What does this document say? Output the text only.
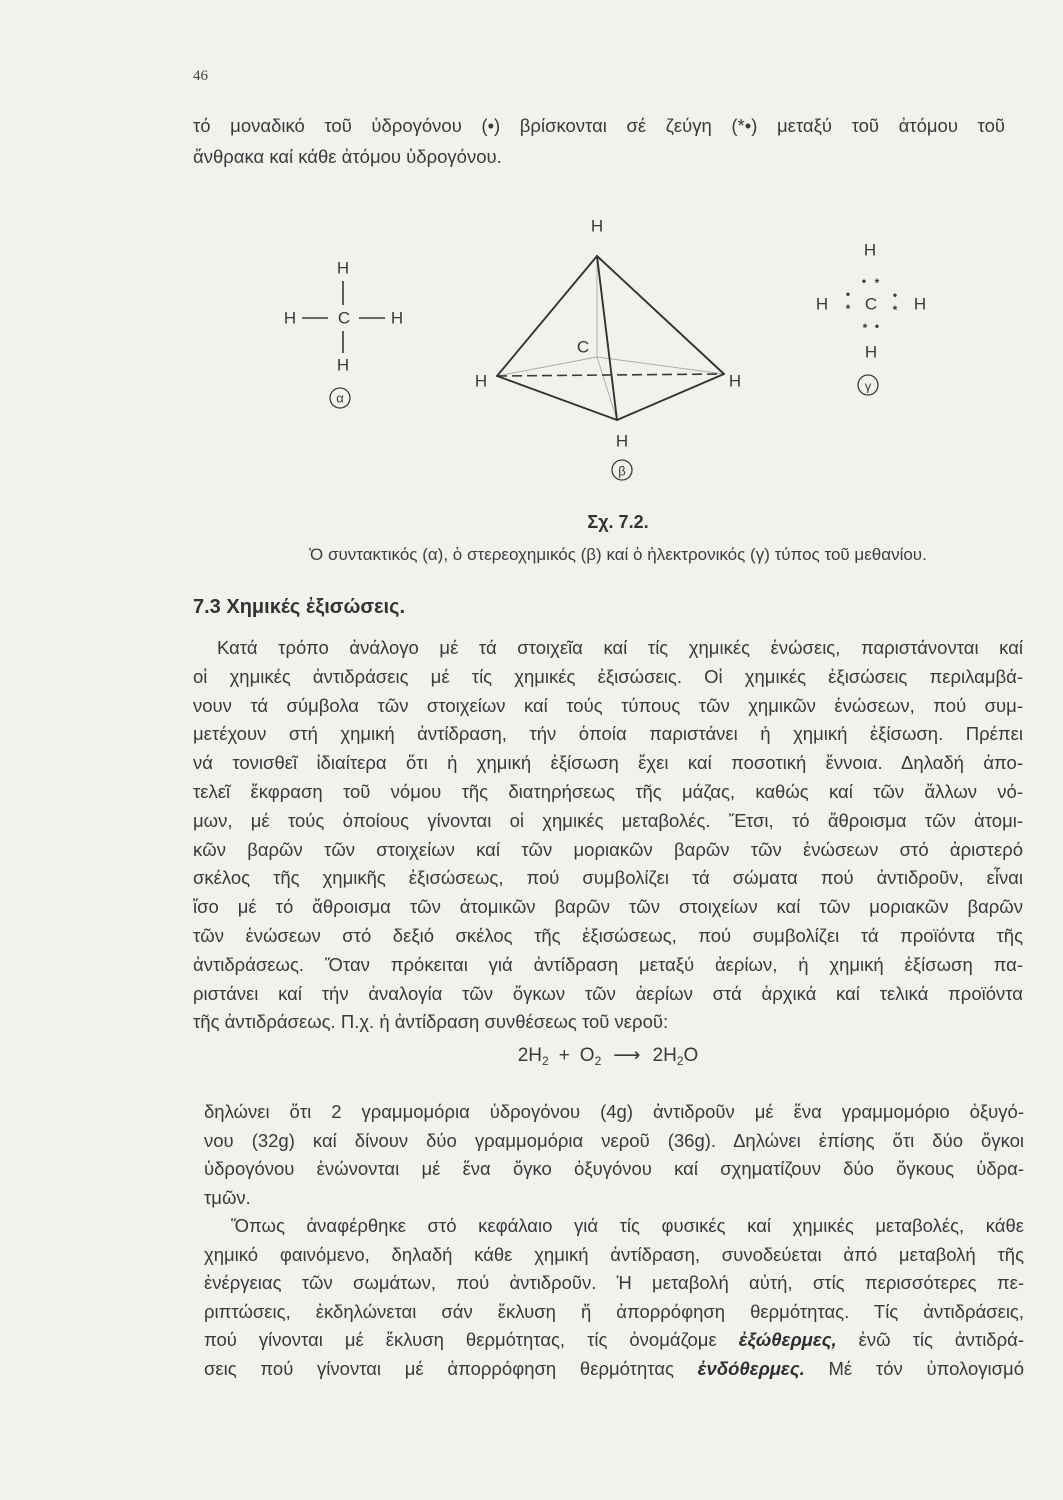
46
τό μοναδικό τοῦ ὑδρογόνου (•) βρίσκονται σέ ζεύγη (*•) μεταξύ τοῦ ἀτόμου τοῦ
ἄνθρακα καί κάθε ἀτόμου ὑδρογόνου.
H
H C H
H
α
H
H
C
H
H
β
H
• *
H
•
* C •
* H
* •
H
γ
Σχ. 7.2.
Ὁ συντακτικός (α), ὁ στερεοχημικός (β) καί ὁ ἠλεκτρονικός (γ) τύπος τοῦ μεθανίου.
7.3 Χημικές ἐξισώσεις.
Κατά τρόπο ἀνάλογο μέ τά στοιχεῖα καί τίς χημικές ἑνώσεις, παριστάνονται καί
οἱ χημικές ἀντιδράσεις μέ τίς χημικές ἐξισώσεις. Οἱ χημικές ἐξισώσεις περιλαμβά-
νουν τά σύμβολα τῶν στοιχείων καί τούς τύπους τῶν χημικῶν ἑνώσεων, πού συμ-
μετέχουν στή χημική ἀντίδραση, τήν ὁποία παριστάνει ἡ χημική ἐξίσωση. Πρέπει
νά τονισθεῖ ἰδιαίτερα ὅτι ἡ χημική ἐξίσωση ἔχει καί ποσοτική ἔννοια. Δηλαδή ἀπο-
τελεῖ ἔκφραση τοῦ νόμου τῆς διατηρήσεως τῆς μάζας, καθώς καί τῶν ἄλλων νό-
μων, μέ τούς ὁποίους γίνονται οἱ χημικές μεταβολές. Ἔτσι, τό ἄθροισμα τῶν ἀτομι-
κῶν βαρῶν τῶν στοιχείων καί τῶν μοριακῶν βαρῶν τῶν ἑνώσεων στό ἀριστερό
σκέλος τῆς χημικῆς ἐξισώσεως, πού συμβολίζει τά σώματα πού ἀντιδροῦν, εἶναι
ἴσο μέ τό ἄθροισμα τῶν ἀτομικῶν βαρῶν τῶν στοιχείων καί τῶν μοριακῶν βαρῶν
τῶν ἑνώσεων στό δεξιό σκέλος τῆς ἐξισώσεως, πού συμβολίζει τά προϊόντα τῆς
ἀντιδράσεως. Ὅταν πρόκειται γιά ἀντίδραση μεταξύ ἀερίων, ἡ χημική ἐξίσωση πα-
ριστάνει καί τήν ἀναλογία τῶν ὄγκων τῶν ἀερίων στά ἀρχικά καί τελικά προϊόντα
τῆς ἀντιδράσεως. Π.χ. ἡ ἀντίδραση συνθέσεως τοῦ νεροῦ:
$2H_2 + O_2$ ⟶ $2H_2O$
δηλώνει ὅτι 2 γραμμομόρια ὑδρογόνου (4g) ἀντιδροῦν μέ ἕνα γραμμομόριο ὀξυγό-
νου (32g) καί δίνουν δύο γραμμομόρια νεροῦ (36g). Δηλώνει ἐπίσης ὅτι δύο ὄγκοι
ὑδρογόνου ἑνώνονται μέ ἕνα ὄγκο ὀξυγόνου καί σχηματίζουν δύο ὄγκους ὑδρα-
τμῶν.
Ὅπως ἀναφέρθηκε στό κεφάλαιο γιά τίς φυσικές καί χημικές μεταβολές, κάθε
χημικό φαινόμενο, δηλαδή κάθε χημική ἀντίδραση, συνοδεύεται ἀπό μεταβολή τῆς
ἐνέργειας τῶν σωμάτων, πού ἀντιδροῦν. Ἡ μεταβολή αὐτή, στίς περισσότερες πε-
ριπτώσεις, ἐκδηλώνεται σάν ἔκλυση ἤ ἀπορρόφηση θερμότητας. Τίς ἀντιδράσεις,
πού γίνονται μέ ἔκλυση θερμότητας, τίς ὀνομάζομε ἐξώθερμες, ἐνῶ τίς ἀντιδρά-
σεις πού γίνονται μέ ἀπορρόφηση θερμότητας ἐνδόθερμες. Μέ τόν ὑπολογισμό
